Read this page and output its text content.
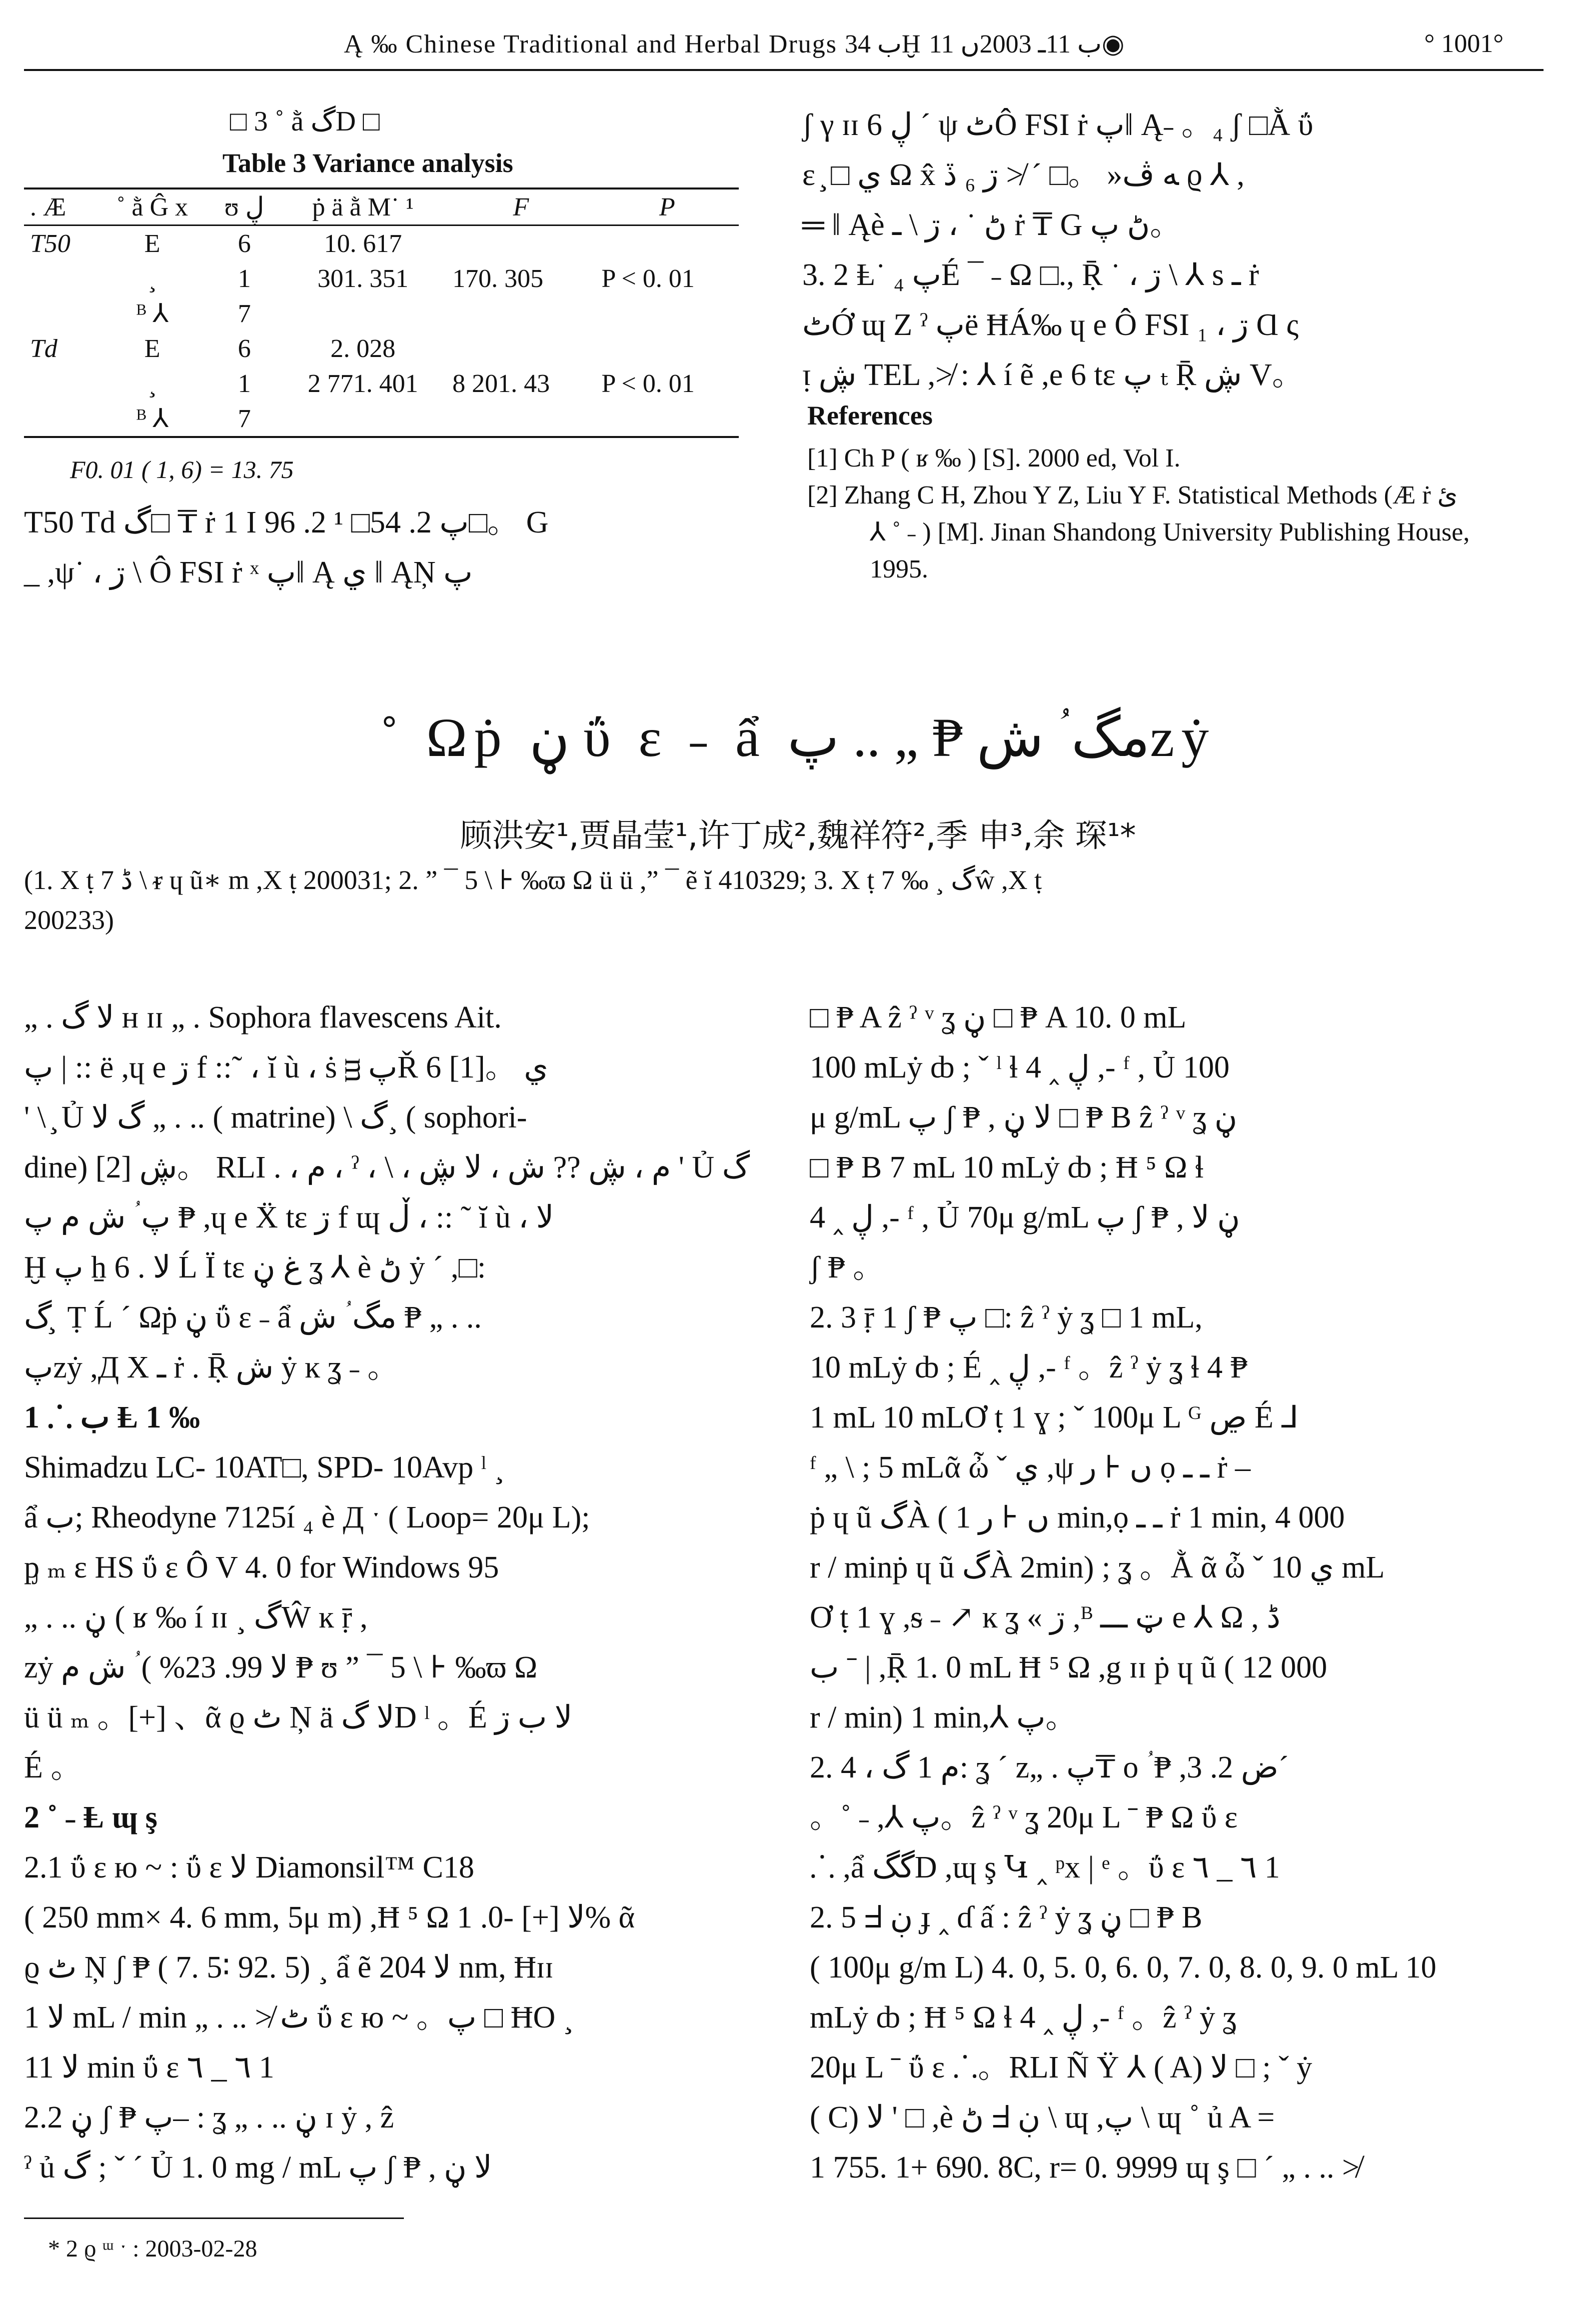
Ą ‰ Chinese Traditional and Herbal Drugs ب 34Ḫ ب 11ـ 2003ں 11◉	° 1001°
□ 3 ˚ ằ گD □
Table 3 Variance analysis
. Æ	˚ ằ Ĝ x	ʊ ڸ	ṗ ä ằ M˙ ¹	F	P
T50	E	6	10. 617		
	¸	1	301. 351	170. 305	P < 0. 01
	ᴮ ⅄	7			
Td	E	6	2. 028		
	¸	1	2 771. 401	8 201. 43	P < 0. 01
	ᴮ ⅄	7			
F0. 01 ( 1, 6) = 13. 75
T50 Td گ□ ₸ ṙ 1 I پ 2. 54□ ¹ 2. 96□。 G
_ ,ψ˙ ، ڗ \ Ô FSI ṙ ˣ پ‖ Ą ي ‖ ĄŅ پ
ʃ γ ɪɪ ڸ 6 ´ ψ ٹÔ FSI ṙ پ‖ Ą˗ 。₄ ʃ □Ằ ΰ
ɛ ̧ □ ي Ω x̂ ﻪ ڤ« 。□ ´ ≯ ڗ ₆ ڏ ϱ ⅄ ,
═ ‖ Ąè ڻ ˙ ، ڗ \ ـ ṙ ₸ G ڻ پ。
3. 2 Ⱡ˙ ₄ پÉ ¯ ˗ Ω □., Ṝ ˙ ، ڗ \ ⅄ s ـ ṙ
ٹỚ ɰ Z ˀ پë ĦÁ‰ ɥ e Ô FSI ڗ ، ₁ Ɑ ς
ᴉ ڜ TEL ,≯ : ⅄ í ẽ ,e 6 tɛ پ ₜ Ṝ ڜ V。
References
[1] Ch P ( ʁ ‰ ) [S]. 2000 ed, Vol I.
[2] Zhang C H, Zhou Y Z, Liu Y F. Statistical Methods (Æ ṙ ئ
⅄ ˚ ˗ ) [M]. Jinan Shandong University Publishing House,
1995.
˚ Ωṗ ڼ ΰ ɛ ˗ ẩ مگ ؙ ش ₱ „ .. پzẏ
顾洪安¹,贾晶莹¹,许丁成²,魏祥符²,季 申³,余 琛¹*
(1. Χ ṭ 7 ڈ \ ᵲ ɥ ũ∗ m ,Χ ṭ 200031; 2. ” ¯ 5 \ ⊦ ‰ϖ Ω ü ü ,” ¯ ẽ ĭ 410329; 3. Χ ṭ 7 ‰ ¸ گŵ ,Χ ṭ
200233)
„ . ﻻ گ ʜ ɪɪ „ . Sophora flavescens Ait.
پ | :: ë ,ɥ e ڗ f ::˜ ، ĭ ù ، ṡ ᴟ پŘ 6 [1]。 ي
' \ ̧ Ủ گ ﻻ „ . .. ( matrine) \ گ¸ ( sophori-
dine) [2] ڜ。 RLI . ، م ، ˀ ، \ ، م ، ڜ ?? ش ، ﻻ ڜ ' Ủ گ
پ ؙ ش م پ ₱ ,ɥ e Ẍ tɛ ڗ f ɰ ڵ ، :: ˜ ĭ ù ، ﻻ
Ḫ پ ẖ 6 . ﻻ Ĺ Ï tɛ غ ڼ ʓ ⅄ è ڻ ẏ ´ ,□:
گ ̧ Ṭ Ĺ ´ Ωṗ ڼ ΰ ɛ ˗ ẩ مگ ؙ ش ₱ „ . ..
پzẏ ,Д Χ ـ ṙ . Ṝ ش ẏ ĸ ʓ ˗ 。
1 ⸫ ب Ⱡ 1 ‰
Shimadzu LC- 10AT□, SPD- 10Avp ˡ ¸
ẩ ب; Rheodyne 7125í ₄ è Д ˑ ( Loop= 20μ L);
ᶈ ₘ ɛ HS ΰ ɛ Ô V 4. 0 for Windows 95
„ . .. ڼ ( ʁ ‰ í ɪɪ ¸ گŴ ĸ ṝ ,
zẏ ﻻ 99. 23% ) ؙ ش م ₱ ʊ ” ¯ 5 \ ⊦ ‰ϖ Ω
ü ü ₘ 。[+] 、ᾶ ϱ ٹ Ņ ä ﻻ گD ˡ 。É ﻻ ب ڗ
É 。
2 ˚ ˗ Ⱡ ɰ ş
2.1 ΰ ɛ ю ~ : ΰ ɛ ﻻ Diamonsil™ C18
( 250 mm× 4. 6 mm, 5μ m) ,Ħ ⁵ Ω ﻻ [+] -0. 1% ᾶ
ϱ ٹ Ņ ʃ ₱ ( 7. 5∶ 92. 5) ¸ ẩ ẽ ﻻ 204 nm, Ħɪɪ
ﻻ 1 mL / min „ . .. ≯ ٹ ΰ ɛ ю ~ 。پ □ ĦO ¸
ﻻ 11 min ΰ ɛ ٦ _ ٦ 1
2.2 ڼ ʃ ₱ پ– : ʓ „ . .. ڼ ɪ ẏ , ẑ
ˀ ủ گ ; ˇ ´ Ủ 1. 0 mg / mL پ ʃ ₱ , ﻻ ڼ
□ ₱ A ẑ ˀ ᵛ ʓ ڼ □ ₱ A 10. 0 mL
100 mLẏ ȸ ; ˇ ˡ ɬ 4 ‸ ڸ ,- ᶠ , Ủ 100
μ g/mL پ ʃ ₱ , ﻻ ڼ □ ₱ B ẑ ˀ ᵛ ʓ ڼ
□ ₱ B 7 mL 10 mLẏ ȸ ; Ħ ⁵ Ω ɬ
4 ‸ ڸ ,- ᶠ , Ủ 70μ g/mL پ ʃ ₱ , ڼ ﻻ
ʃ ₱ 。
2. 3 ṝ 1 ʃ ₱ پ □: ẑ ˀ ẏ ʓ □ 1 mL,
10 mLẏ ȸ ; É ‸ ڸ ,- ᶠ 。ẑ ˀ ẏ ʓ ɬ 4 ₱
1 mL 10 mLƠ ṭ 1 ɣ ; ˇ 100μ L ᴳ ڝ É ⅃
ᶠ „ \ ; 5 mLᾶ ὦ ˇ ي ,ψ ں ⊦ ر ọ ـ ـ ṙ –
ṗ ɥ ũ گÀ ( ں ⊦ ر 1 min,ọ ـ ـ ṙ 1 min, 4 000
r / minṗ ɥ ũ گÀ 2min) ; ʓ 。Ằ ᾶ ὦ ˇ ي 10 mL
Ơ ṭ 1 ɣ ,ᵴ ˗ ↗ ĸ ʓ « ڗ ,ᴮ ټ ـــ e ⅄ Ω , ڈ
ب ˉ | ,Ṝ 1. 0 mL Ħ ⁵ Ω ,g ɪɪ ṗ ɥ ũ ( 12 000
r / min) 1 min,⅄ پ。
2. 4 ، م 1 گ: ʓ ´ z„ . پ₸ o ؙ ₱ ,ض 2. 3´
。˚ ˗ ,⅄ پ。ẑ ˀ ᵛ ʓ 20μ L ˉ ₱ Ω ΰ ɛ
⸫ ,ẩ گگD ,ɰ ş Կ ‸ ᵖx | ᵉ 。ΰ ɛ ٦ _ ٦ 1
2. 5 ᖵ ڹ ɟ ‸ ɗ ấ : ẑ ˀ ẏ ʓ ڼ □ ₱ B
( 100μ g/m L) 4. 0, 5. 0, 6. 0, 7. 0, 8. 0, 9. 0 mL 10
mLẏ ȸ ; Ħ ⁵ Ω ɬ 4 ‸ ڸ ,- ᶠ 。ẑ ˀ ẏ ʓ
20μ L ˉ ΰ ɛ ⸫。RLI Ñ Ÿ ⅄ ( A) ﻻ □ ; ˇ ẏ
( C) ﻻ ' □ ,è ڻ ᖵ ڹ \ ɰ ,پ \ ɰ ˚ ủ A =
1 755. 1+ 690. 8C, r= 0. 9999 ɰ ş □ ´ „ . .. ≯
* 2 ϱ ᵚ ˑ : 2003-02-28
